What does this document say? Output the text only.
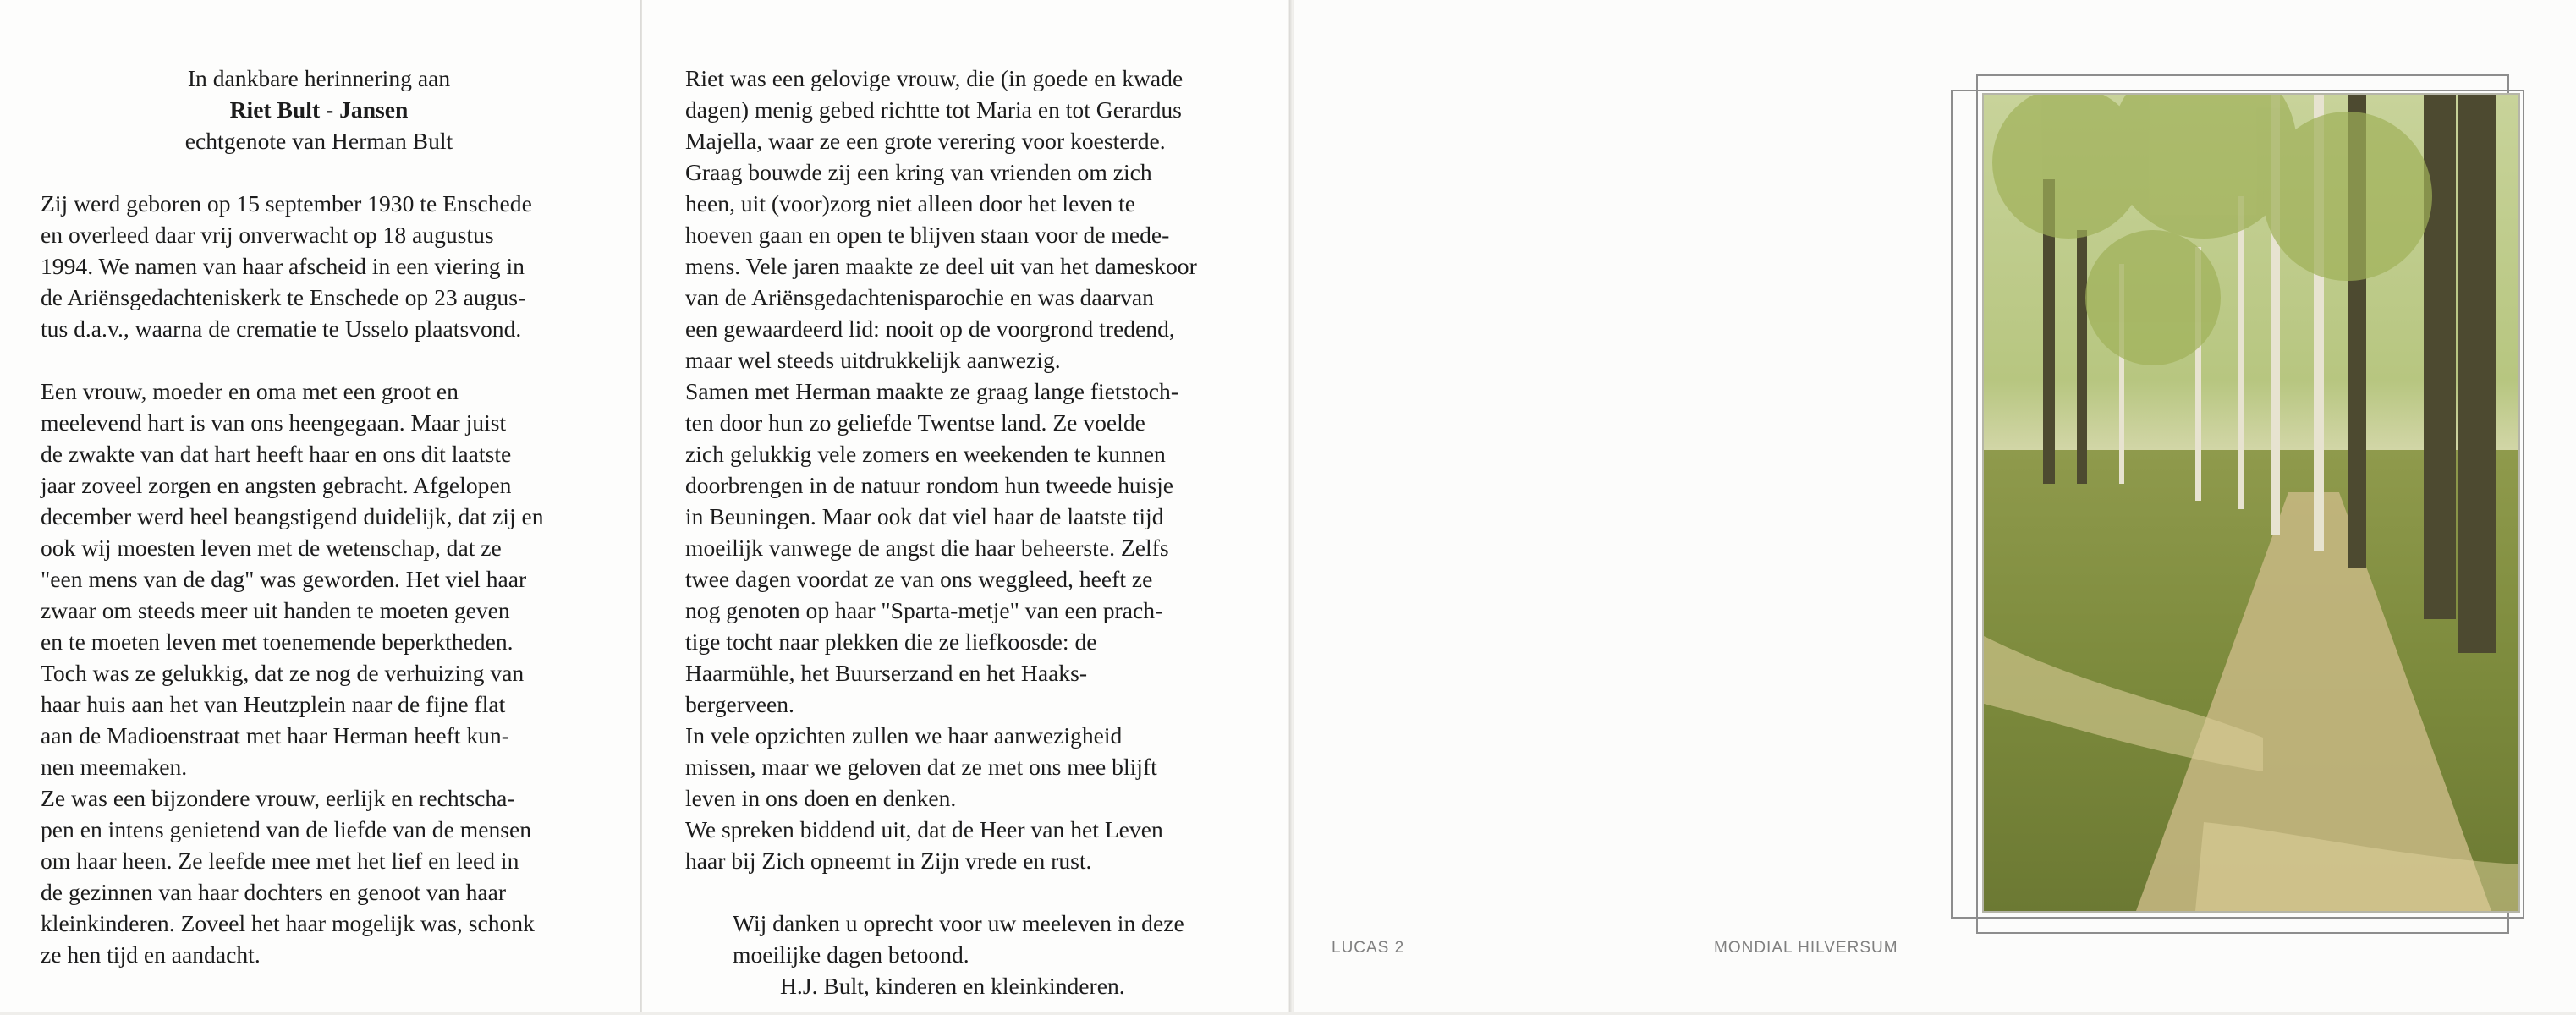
In dankbare herinnering aan

Riet Bult - Jansen

echtgenote van Herman Bult

Zij werd geboren op 15 september 1930 te Enschede

en overleed daar vrij onverwacht op 18 augustus

1994. We namen van haar afscheid in een viering in

de Ariënsgedachteniskerk te Enschede op 23 augus-

tus d.a.v., waarna de crematie te Usselo plaatsvond.

Een vrouw, moeder en oma met een groot en

meelevend hart is van ons heengegaan. Maar juist

de zwakte van dat hart heeft haar en ons dit laatste

jaar zoveel zorgen en angsten gebracht. Afgelopen

december werd heel beangstigend duidelijk, dat zij en

ook wij moesten leven met de wetenschap, dat ze

"een mens van de dag" was geworden. Het viel haar

zwaar om steeds meer uit handen te moeten geven

en te moeten leven met toenemende beperktheden.

Toch was ze gelukkig, dat ze nog de verhuizing van

haar huis aan het van Heutzplein naar de fijne flat

aan de Madioenstraat met haar Herman heeft kun-

nen meemaken.

Ze was een bijzondere vrouw, eerlijk en rechtscha-

pen en intens genietend van de liefde van de mensen

om haar heen. Ze leefde mee met het lief en leed in

de gezinnen van haar dochters en genoot van haar

kleinkinderen. Zoveel het haar mogelijk was, schonk

ze hen tijd en aandacht.

Riet was een gelovige vrouw, die (in goede en kwade

dagen) menig gebed richtte tot Maria en tot Gerardus

Majella, waar ze een grote verering voor koesterde.

Graag bouwde zij een kring van vrienden om zich

heen, uit (voor)zorg niet alleen door het leven te

hoeven gaan en open te blijven staan voor de mede-

mens. Vele jaren maakte ze deel uit van het dameskoor

van de Ariënsgedachtenisparochie en was daarvan

een gewaardeerd lid: nooit op de voorgrond tredend,

maar wel steeds uitdrukkelijk aanwezig.

Samen met Herman maakte ze graag lange fietstoch-

ten door hun zo geliefde Twentse land. Ze voelde

zich gelukkig vele zomers en weekenden te kunnen

doorbrengen in de natuur rondom hun tweede huisje

in Beuningen. Maar ook dat viel haar de laatste tijd

moeilijk vanwege de angst die haar beheerste. Zelfs

twee dagen voordat ze van ons weggleed, heeft ze

nog genoten op haar "Sparta-metje" van een prach-

tige tocht naar plekken die ze liefkoosde: de

Haarmühle, het Buurserzand en het Haaks-

bergerveen.

In vele opzichten zullen we haar aanwezigheid

missen, maar we geloven dat ze met ons mee blijft

leven in ons doen en denken.

We spreken biddend uit, dat de Heer van het Leven

haar bij Zich opneemt in Zijn vrede en rust.

Wij danken u oprecht voor uw meeleven in deze

moeilijke dagen betoond.

H.J. Bult, kinderen en kleinkinderen.

LUCAS 2	MONDIAL HILVERSUM
